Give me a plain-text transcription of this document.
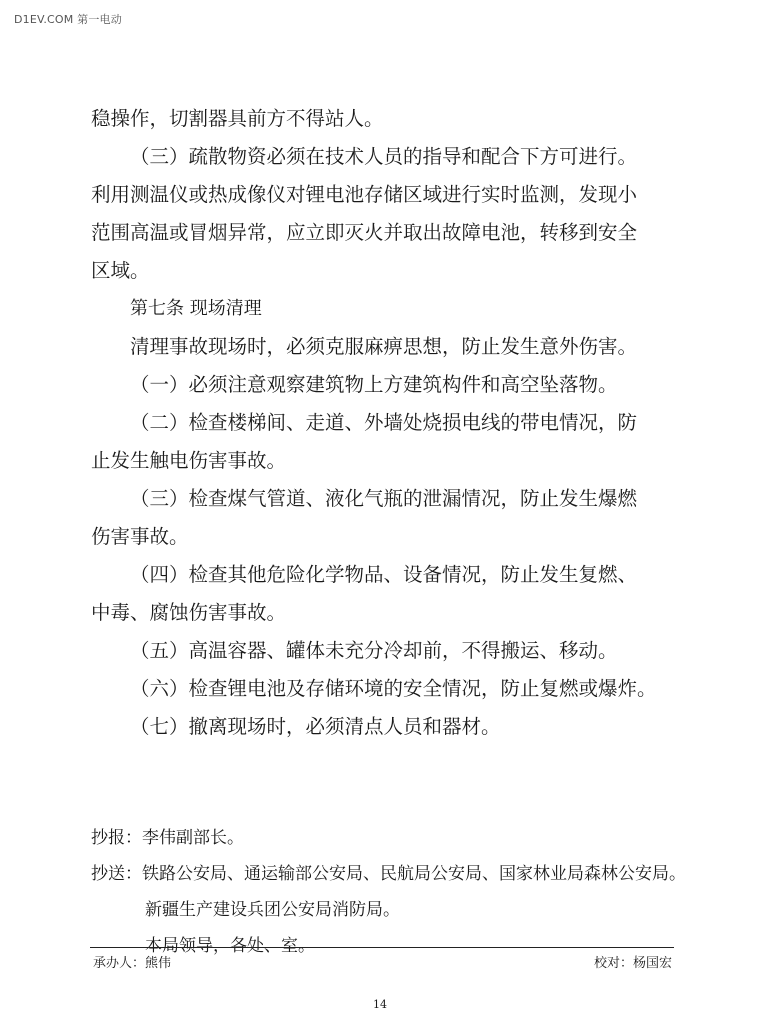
D1EV.COM 第一电动
稳操作，切割器具前方不得站人。
（三）疏散物资必须在技术人员的指导和配合下方可进行。
利用测温仪或热成像仪对锂电池存储区域进行实时监测，发现小
范围高温或冒烟异常，应立即灭火并取出故障电池，转移到安全
区域。
第七条 现场清理
清理事故现场时，必须克服麻痹思想，防止发生意外伤害。
（一）必须注意观察建筑物上方建筑构件和高空坠落物。
（二）检查楼梯间、走道、外墙处烧损电线的带电情况，防
止发生触电伤害事故。
（三）检查煤气管道、液化气瓶的泄漏情况，防止发生爆燃
伤害事故。
（四）检查其他危险化学物品、设备情况，防止发生复燃、
中毒、腐蚀伤害事故。
（五）高温容器、罐体未充分冷却前，不得搬运、移动。
（六）检查锂电池及存储环境的安全情况，防止复燃或爆炸。
（七）撤离现场时，必须清点人员和器材。
抄报：李伟副部长。
抄送：铁路公安局、通运输部公安局、民航局公安局、国家林业局森林公安局。
新疆生产建设兵团公安局消防局。
本局领导，各处、室。
承办人：熊伟	校对：杨国宏
14
